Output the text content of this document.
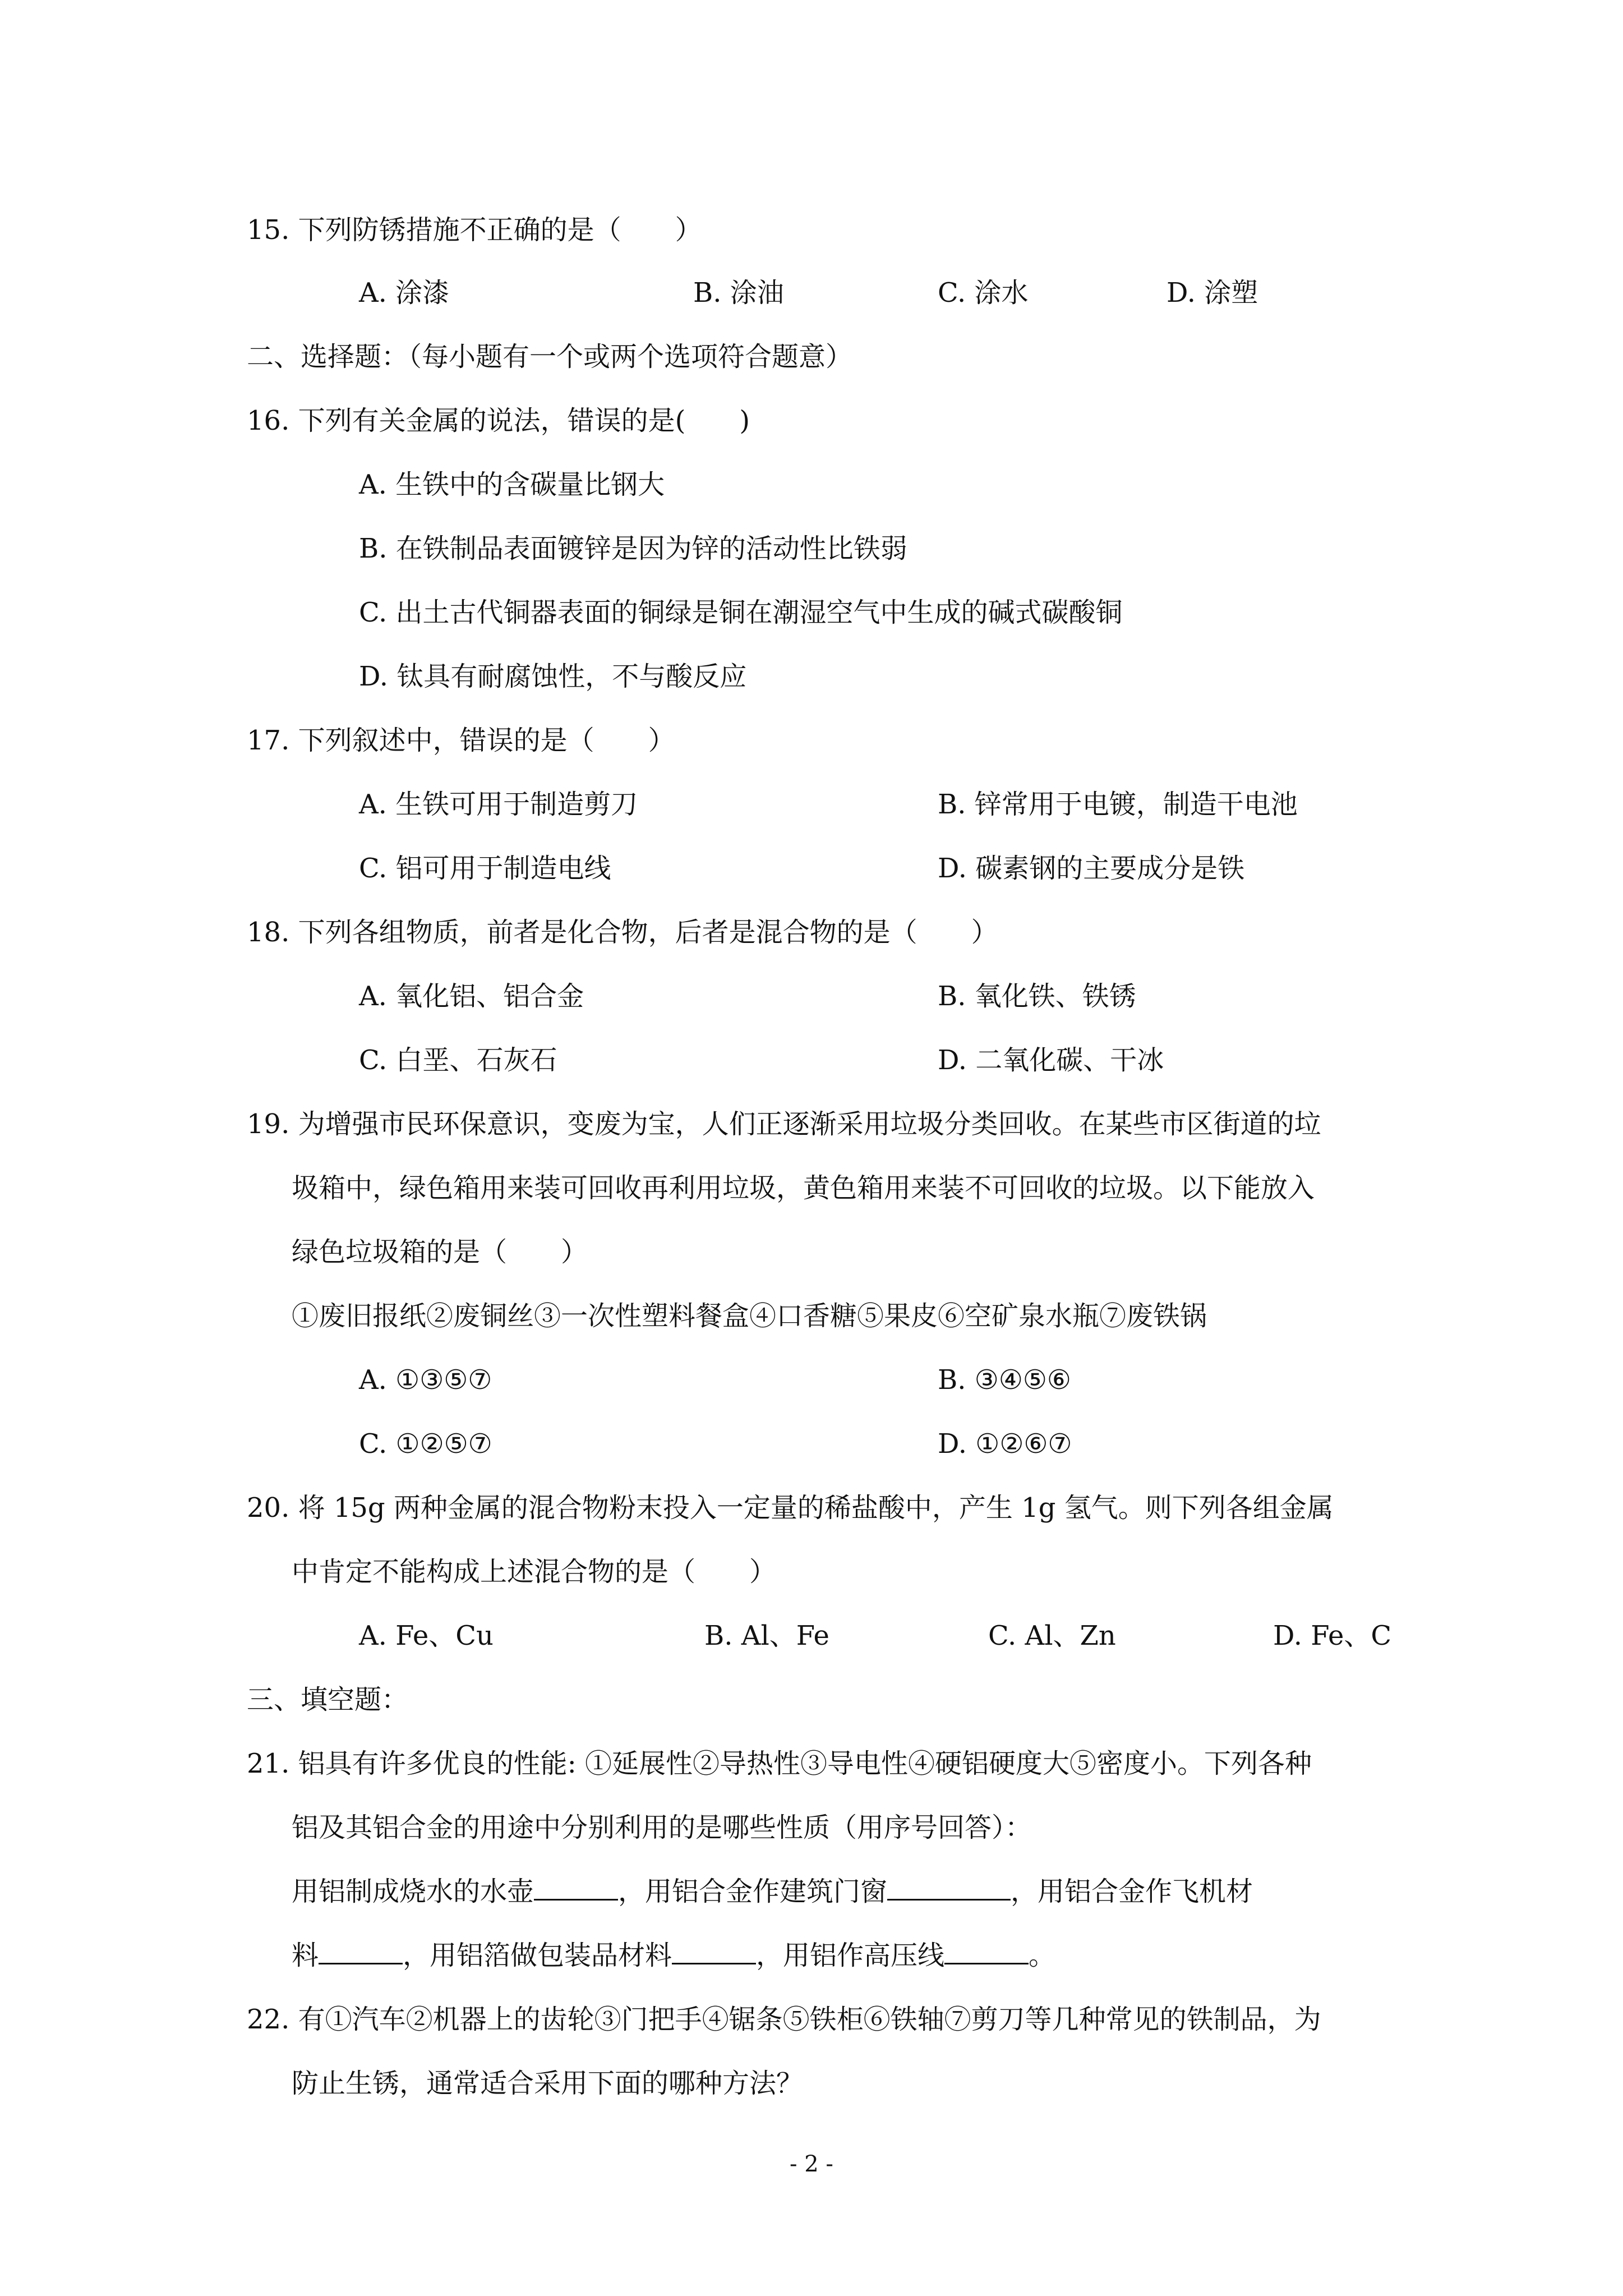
15. 下列防锈措施不正确的是（　　）
A. 涂漆	B. 涂油	C. 涂水	D. 涂塑
二、选择题：（每小题有一个或两个选项符合题意）
16. 下列有关金属的说法，错误的是(　　)
A. 生铁中的含碳量比钢大
B. 在铁制品表面镀锌是因为锌的活动性比铁弱
C. 出土古代铜器表面的铜绿是铜在潮湿空气中生成的碱式碳酸铜
D. 钛具有耐腐蚀性，不与酸反应
17. 下列叙述中，错误的是（　　）
A. 生铁可用于制造剪刀	B. 锌常用于电镀，制造干电池
C. 铝可用于制造电线	D. 碳素钢的主要成分是铁
18. 下列各组物质，前者是化合物，后者是混合物的是（　　）
A. 氧化铝、铝合金	B. 氧化铁、铁锈
C. 白垩、石灰石	D. 二氧化碳、干冰
19. 为增强市民环保意识，变废为宝，人们正逐渐采用垃圾分类回收。在某些市区街道的垃
圾箱中，绿色箱用来装可回收再利用垃圾，黄色箱用来装不可回收的垃圾。以下能放入
绿色垃圾箱的是（　　）
①废旧报纸②废铜丝③一次性塑料餐盒④口香糖⑤果皮⑥空矿泉水瓶⑦废铁锅
A. ①③⑤⑦	B. ③④⑤⑥
C. ①②⑤⑦	D. ①②⑥⑦
20. 将 15g 两种金属的混合物粉末投入一定量的稀盐酸中，产生 1g 氢气。则下列各组金属
中肯定不能构成上述混合物的是（　　）
A. Fe、Cu	B. Al、Fe	C. Al、Zn	D. Fe、C
三、填空题：
21. 铝具有许多优良的性能: ①延展性②导热性③导电性④硬铝硬度大⑤密度小。下列各种
铝及其铝合金的用途中分别利用的是哪些性质（用序号回答）：
用铝制成烧水的水壶	，用铝合金作建筑门窗	，用铝合金作飞机材
料	，用铝箔做包装品材料	，用铝作高压线	。
22. 有①汽车②机器上的齿轮③门把手④锯条⑤铁柜⑥铁轴⑦剪刀等几种常见的铁制品，为
防止生锈，通常适合采用下面的哪种方法？
- 2 -
